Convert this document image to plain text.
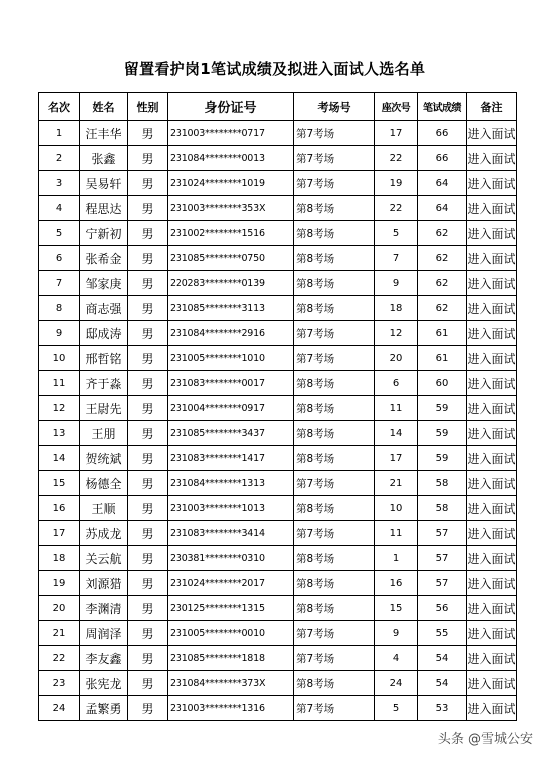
留置看护岗1笔试成绩及拟进入面试人选名单
名次	姓名	性别	身份证号	考场号	座次号	笔试成绩	备注
1	汪丰华	男	231003********0717	第7考场	17	66	进入面试
2	张鑫	男	231084********0013	第7考场	22	66	进入面试
3	吴易轩	男	231024********1019	第7考场	19	64	进入面试
4	程思达	男	231003********353X	第8考场	22	64	进入面试
5	宁新初	男	231002********1516	第8考场	5	62	进入面试
6	张希金	男	231085********0750	第8考场	7	62	进入面试
7	邹家庚	男	220283********0139	第8考场	9	62	进入面试
8	商志强	男	231085********3113	第8考场	18	62	进入面试
9	邸成涛	男	231084********2916	第7考场	12	61	进入面试
10	邢哲铭	男	231005********1010	第7考场	20	61	进入面试
11	齐于淼	男	231083********0017	第8考场	6	60	进入面试
12	王尉先	男	231004********0917	第8考场	11	59	进入面试
13	王朋	男	231085********3437	第8考场	14	59	进入面试
14	贺统斌	男	231083********1417	第8考场	17	59	进入面试
15	杨德全	男	231084********1313	第7考场	21	58	进入面试
16	王顺	男	231003********1013	第8考场	10	58	进入面试
17	苏成龙	男	231083********3414	第7考场	11	57	进入面试
18	关云航	男	230381********0310	第8考场	1	57	进入面试
19	刘源猎	男	231024********2017	第8考场	16	57	进入面试
20	李渊清	男	230125********1315	第8考场	15	56	进入面试
21	周润泽	男	231005********0010	第7考场	9	55	进入面试
22	李友鑫	男	231085********1818	第7考场	4	54	进入面试
23	张宪龙	男	231084********373X	第8考场	24	54	进入面试
24	孟繁勇	男	231003********1316	第7考场	5	53	进入面试
头条 @雪城公安
